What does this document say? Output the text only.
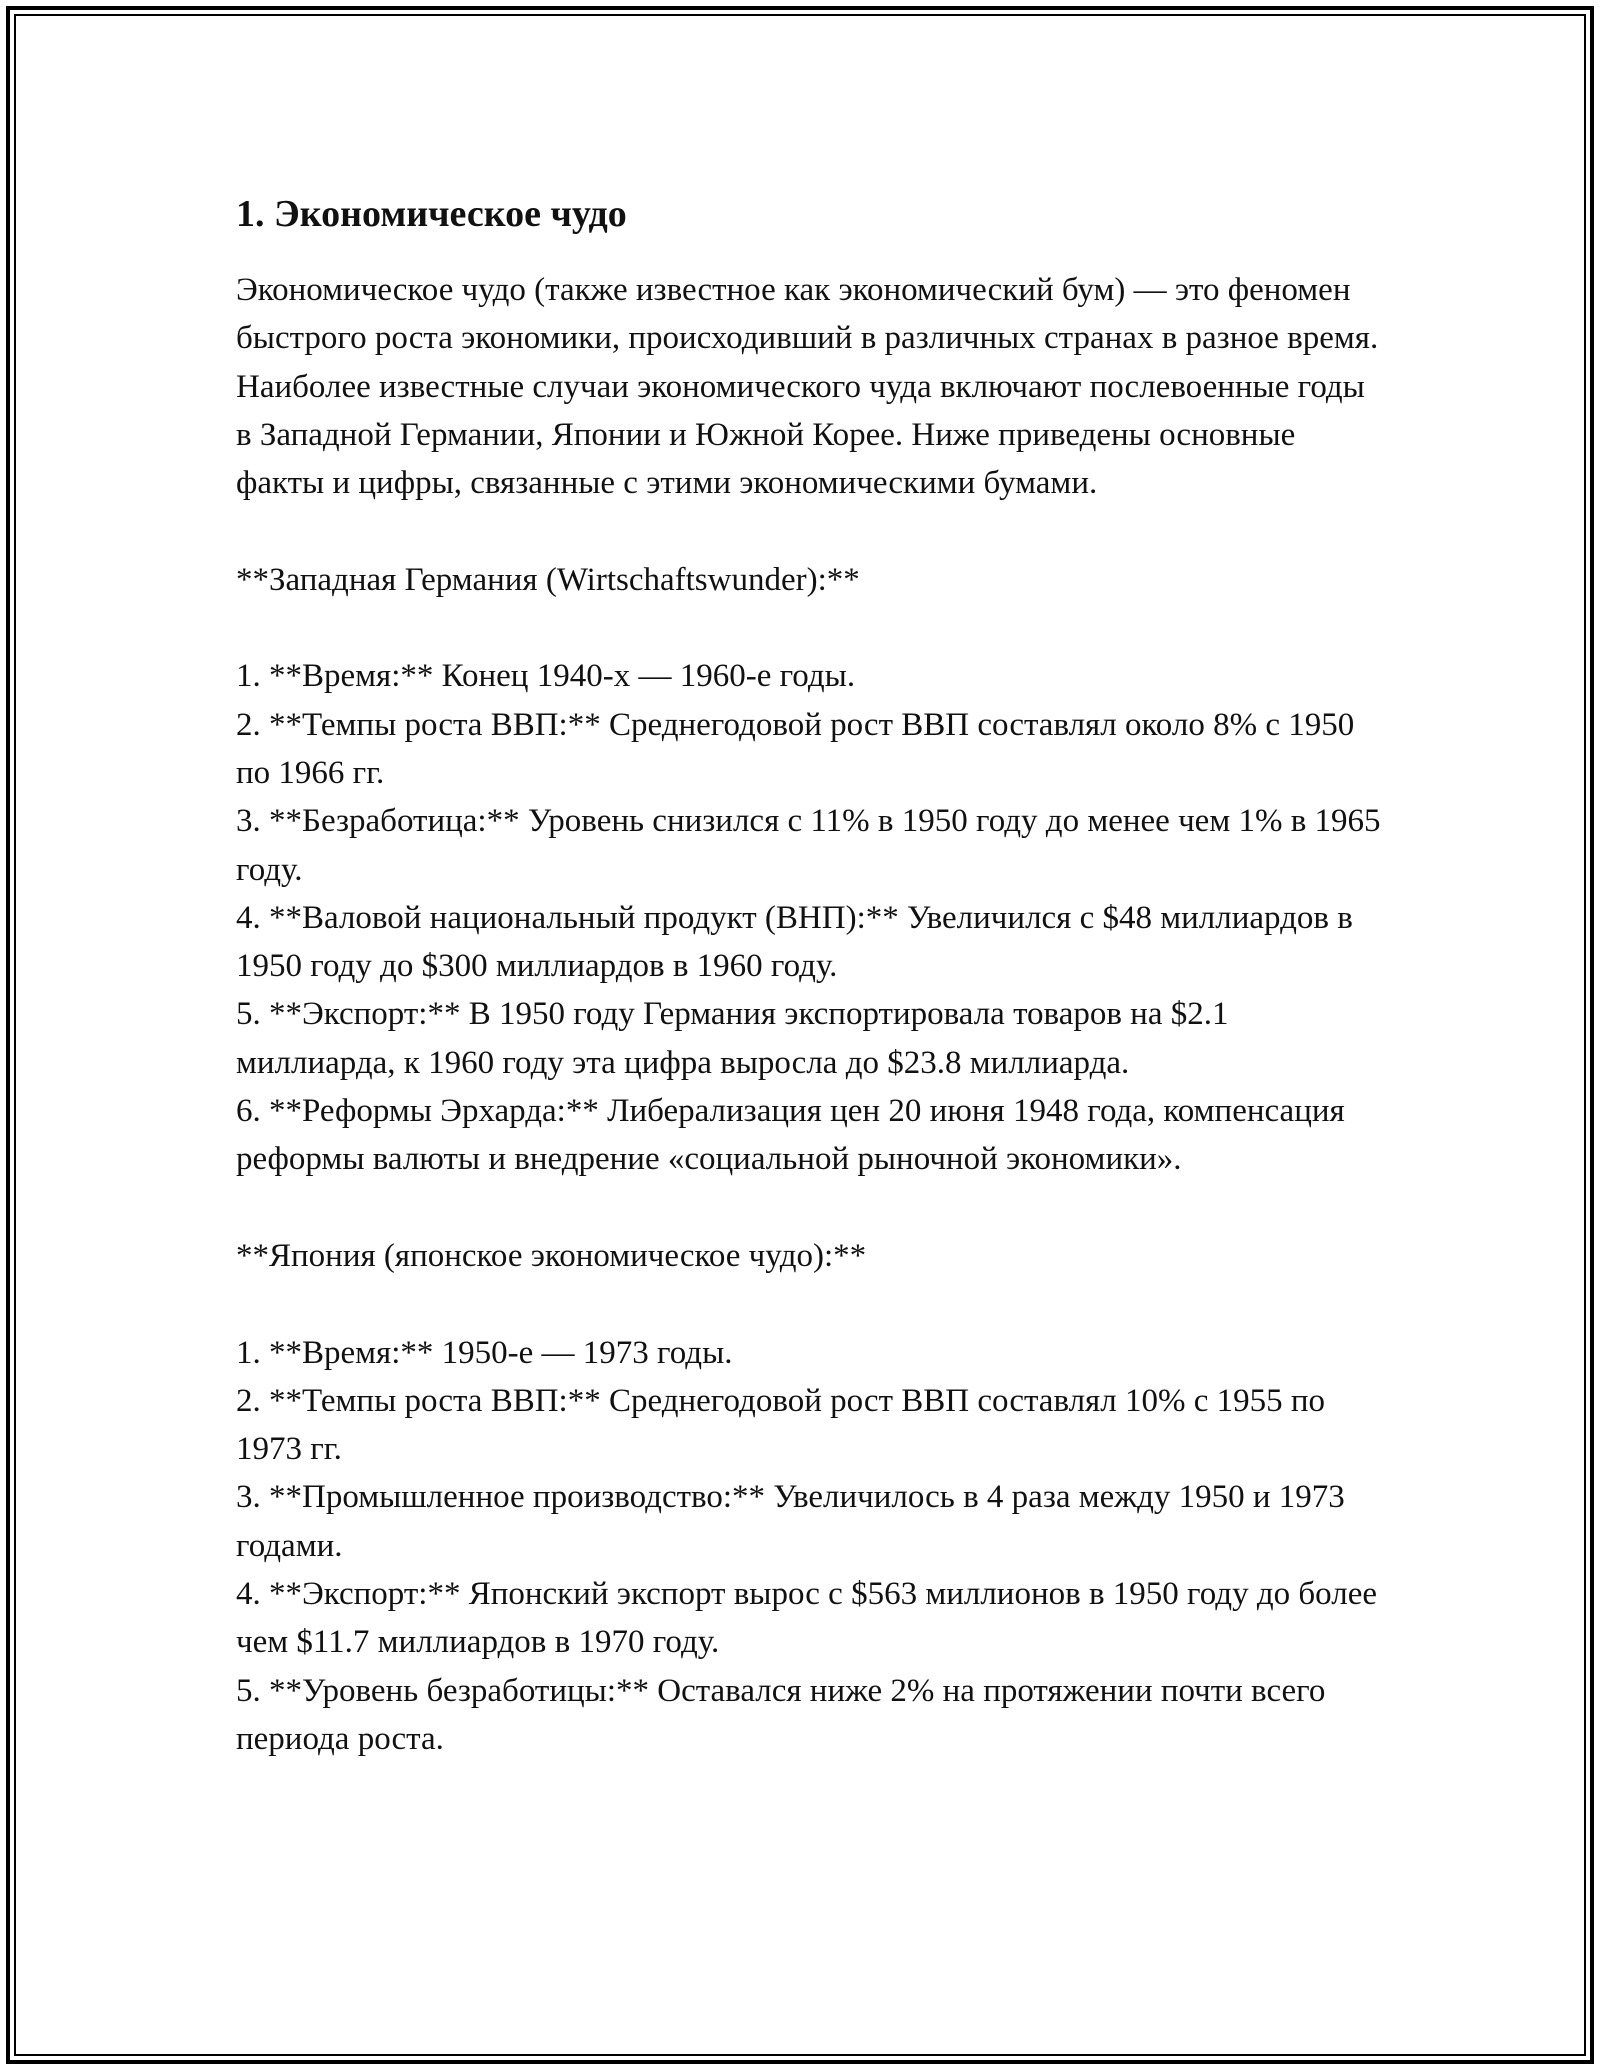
1. Экономическое чудо

Экономическое чудо (также известное как экономический бум) — это феномен быстрого роста экономики, происходивший в различных странах в разное время. Наиболее известные случаи экономического чуда включают послевоенные годы в Западной Германии, Японии и Южной Корее. Ниже приведены основные факты и цифры, связанные с этими экономическими бумами.

**Западная Германия (Wirtschaftswunder):**

1. **Время:** Конец 1940-х — 1960-е годы.

2. **Темпы роста ВВП:** Среднегодовой рост ВВП составлял около 8% с 1950 по 1966 гг.

3. **Безработица:** Уровень снизился с 11% в 1950 году до менее чем 1% в 1965 году.

4. **Валовой национальный продукт (ВНП):** Увеличился с $48 миллиардов в 1950 году до $300 миллиардов в 1960 году.

5. **Экспорт:** В 1950 году Германия экспортировала товаров на $2.1 миллиарда, к 1960 году эта цифра выросла до $23.8 миллиарда.

6. **Реформы Эрхарда:** Либерализация цен 20 июня 1948 года, компенсация реформы валюты и внедрение «социальной рыночной экономики».

**Япония (японское экономическое чудо):**

1. **Время:** 1950-е — 1973 годы.

2. **Темпы роста ВВП:** Среднегодовой рост ВВП составлял 10% с 1955 по 1973 гг.

3. **Промышленное производство:** Увеличилось в 4 раза между 1950 и 1973 годами.

4. **Экспорт:** Японский экспорт вырос с $563 миллионов в 1950 году до более чем $11.7 миллиардов в 1970 году.

5. **Уровень безработицы:** Оставался ниже 2% на протяжении почти всего периода роста.
